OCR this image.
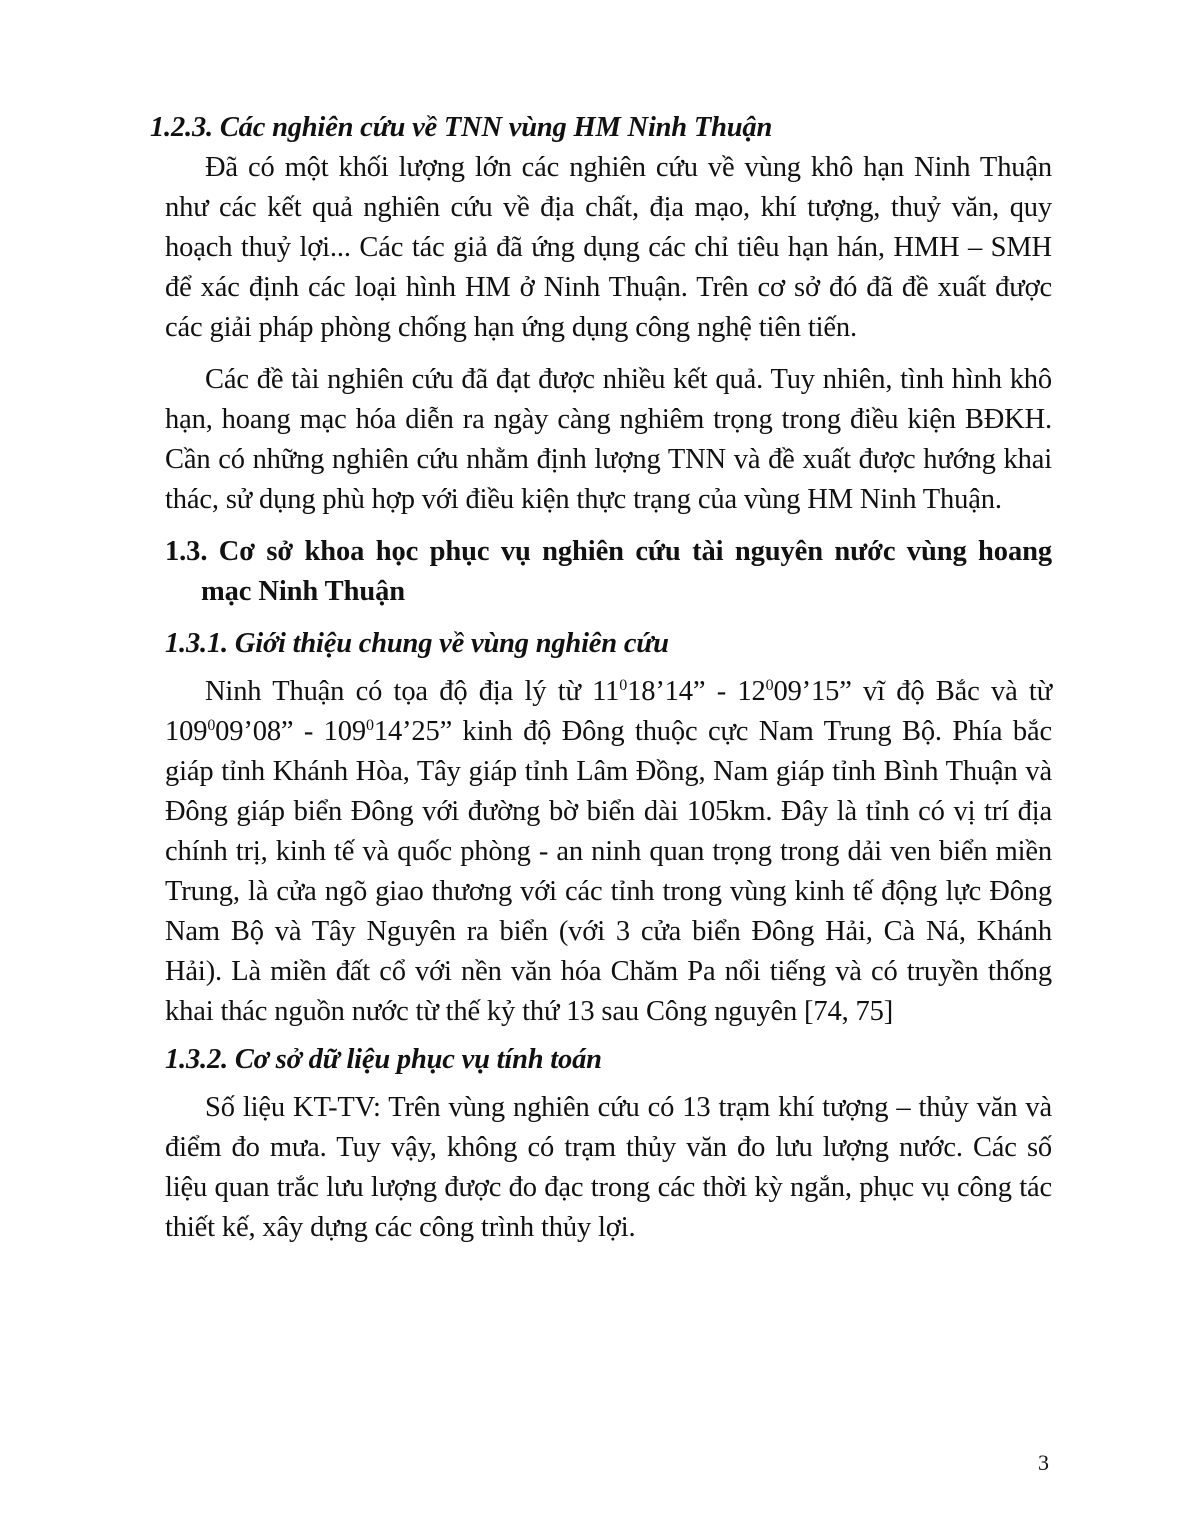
1.2.3. Các nghiên cứu về TNN vùng HM Ninh Thuận

Đã có một khối lượng lớn các nghiên cứu về vùng khô hạn Ninh Thuận như các kết quả nghiên cứu về địa chất, địa mạo, khí tượng, thuỷ văn, quy hoạch thuỷ lợi... Các tác giả đã ứng dụng các chỉ tiêu hạn hán, HMH – SMH để xác định các loại hình HM ở Ninh Thuận. Trên cơ sở đó đã đề xuất được các giải pháp phòng chống hạn ứng dụng công nghệ tiên tiến.

Các đề tài nghiên cứu đã đạt được nhiều kết quả. Tuy nhiên, tình hình khô hạn, hoang mạc hóa diễn ra ngày càng nghiêm trọng trong điều kiện BĐKH. Cần có những nghiên cứu nhằm định lượng TNN và đề xuất được hướng khai thác, sử dụng phù hợp với điều kiện thực trạng của vùng HM Ninh Thuận.

1.3. Cơ sở khoa học phục vụ nghiên cứu tài nguyên nước vùng hoang mạc Ninh Thuận
1.3.1. Giới thiệu chung về vùng nghiên cứu

Ninh Thuận có tọa độ địa lý từ $11^018’14$” - $12^009’15$” vĩ độ Bắc và từ $109^009’08$” - $109^014’25$” kinh độ Đông thuộc cực Nam Trung Bộ. Phía bắc giáp tỉnh Khánh Hòa, Tây giáp tỉnh Lâm Đồng, Nam giáp tỉnh Bình Thuận và Đông giáp biển Đông với đường bờ biển dài 105km. Đây là tỉnh có vị trí địa chính trị, kinh tế và quốc phòng - an ninh quan trọng trong dải ven biển miền Trung, là cửa ngõ giao thương với các tỉnh trong vùng kinh tế động lực Đông Nam Bộ và Tây Nguyên ra biển (với 3 cửa biển Đông Hải, Cà Ná, Khánh Hải). Là miền đất cổ với nền văn hóa Chăm Pa nổi tiếng và có truyền thống khai thác nguồn nước từ thế kỷ thứ 13 sau Công nguyên [74, 75]

1.3.2. Cơ sở dữ liệu phục vụ tính toán

Số liệu KT-TV: Trên vùng nghiên cứu có 13 trạm khí tượng – thủy văn và điểm đo mưa. Tuy vậy, không có trạm thủy văn đo lưu lượng nước. Các số liệu quan trắc lưu lượng được đo đạc trong các thời kỳ ngắn, phục vụ công tác thiết kế, xây dựng các công trình thủy lợi.

3
